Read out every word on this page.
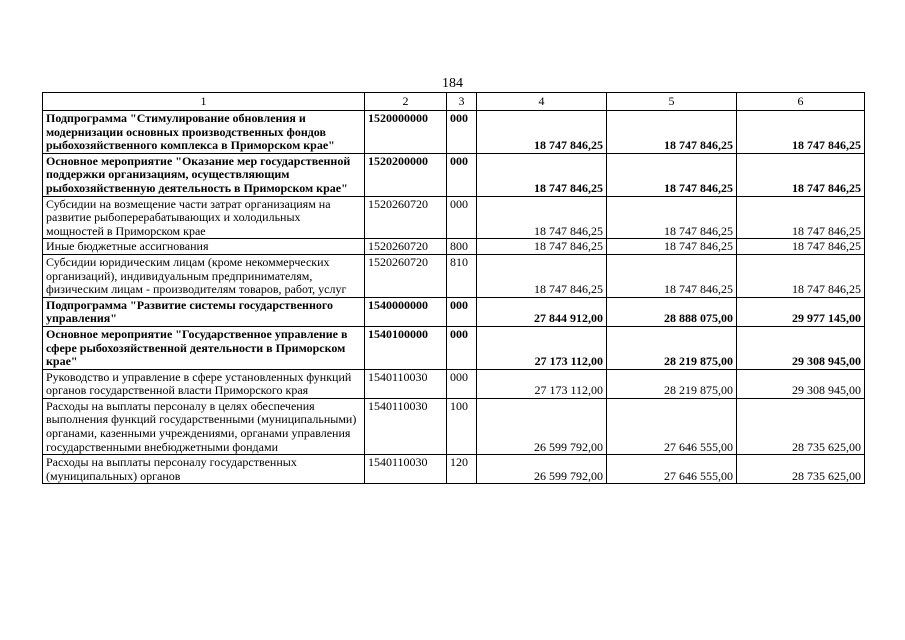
184
1	2	3	4	5	6
Подпрограмма "Стимулирование обновления и модернизации основных производственных фондов рыбохозяйственного комплекса в Приморском крае"	1520000000	000	18 747 846,25	18 747 846,25	18 747 846,25
Основное мероприятие "Оказание мер государственной поддержки организациям, осуществляющим рыбохозяйственную деятельность в Приморском крае"	1520200000	000	18 747 846,25	18 747 846,25	18 747 846,25
Субсидии на возмещение части затрат организациям на развитие рыбоперерабатывающих и холодильных мощностей в Приморском крае	1520260720	000	18 747 846,25	18 747 846,25	18 747 846,25
Иные бюджетные ассигнования	1520260720	800	18 747 846,25	18 747 846,25	18 747 846,25
Субсидии юридическим лицам (кроме некоммерческих организаций), индивидуальным предпринимателям, физическим лицам - производителям товаров, работ, услуг	1520260720	810	18 747 846,25	18 747 846,25	18 747 846,25
Подпрограмма "Развитие системы государственного управления"	1540000000	000	27 844 912,00	28 888 075,00	29 977 145,00
Основное мероприятие "Государственное управление в сфере рыбохозяйственной деятельности в Приморском крае"	1540100000	000	27 173 112,00	28 219 875,00	29 308 945,00
Руководство и управление в сфере установленных функций органов государственной власти Приморского края	1540110030	000	27 173 112,00	28 219 875,00	29 308 945,00
Расходы на выплаты персоналу в целях обеспечения выполнения функций государственными (муниципальными) органами, казенными учреждениями, органами управления государственными внебюджетными фондами	1540110030	100	26 599 792,00	27 646 555,00	28 735 625,00
Расходы на выплаты персоналу государственных (муниципальных) органов	1540110030	120	26 599 792,00	27 646 555,00	28 735 625,00
